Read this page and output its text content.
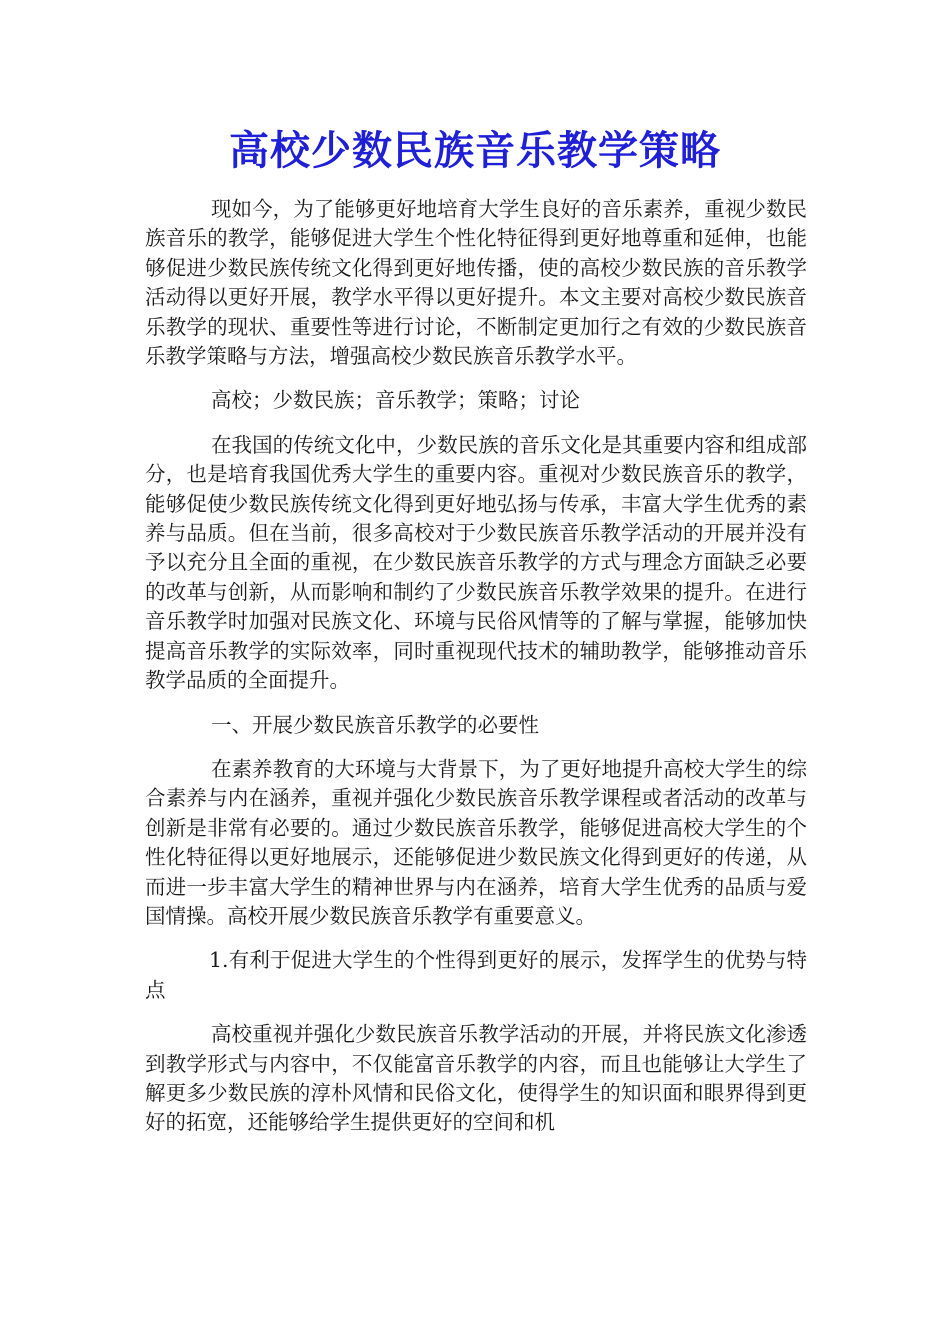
高校少数民族音乐教学策略

现如今，为了能够更好地培育大学生良好的音乐素养，重视少数民族音乐的教学，能够促进大学生个性化特征得到更好地尊重和延伸，也能够促进少数民族传统文化得到更好地传播，使的高校少数民族的音乐教学活动得以更好开展，教学水平得以更好提升。本文主要对高校少数民族音乐教学的现状、重要性等进行讨论，不断制定更加行之有效的少数民族音乐教学策略与方法，增强高校少数民族音乐教学水平。

高校；少数民族；音乐教学；策略；讨论

在我国的传统文化中，少数民族的音乐文化是其重要内容和组成部分，也是培育我国优秀大学生的重要内容。重视对少数民族音乐的教学，能够促使少数民族传统文化得到更好地弘扬与传承，丰富大学生优秀的素养与品质。但在当前，很多高校对于少数民族音乐教学活动的开展并没有予以充分且全面的重视，在少数民族音乐教学的方式与理念方面缺乏必要的改革与创新，从而影响和制约了少数民族音乐教学效果的提升。在进行音乐教学时加强对民族文化、环境与民俗风情等的了解与掌握，能够加快提高音乐教学的实际效率，同时重视现代技术的辅助教学，能够推动音乐教学品质的全面提升。

一、开展少数民族音乐教学的必要性

在素养教育的大环境与大背景下，为了更好地提升高校大学生的综合素养与内在涵养，重视并强化少数民族音乐教学课程或者活动的改革与创新是非常有必要的。通过少数民族音乐教学，能够促进高校大学生的个性化特征得以更好地展示，还能够促进少数民族文化得到更好的传递，从而进一步丰富大学生的精神世界与内在涵养，培育大学生优秀的品质与爱国情操。高校开展少数民族音乐教学有重要意义。

1.有利于促进大学生的个性得到更好的展示，发挥学生的优势与特点

高校重视并强化少数民族音乐教学活动的开展，并将民族文化渗透到教学形式与内容中，不仅能富音乐教学的内容，而且也能够让大学生了解更多少数民族的淳朴风情和民俗文化，使得学生的知识面和眼界得到更好的拓宽，还能够给学生提供更好的空间和机
